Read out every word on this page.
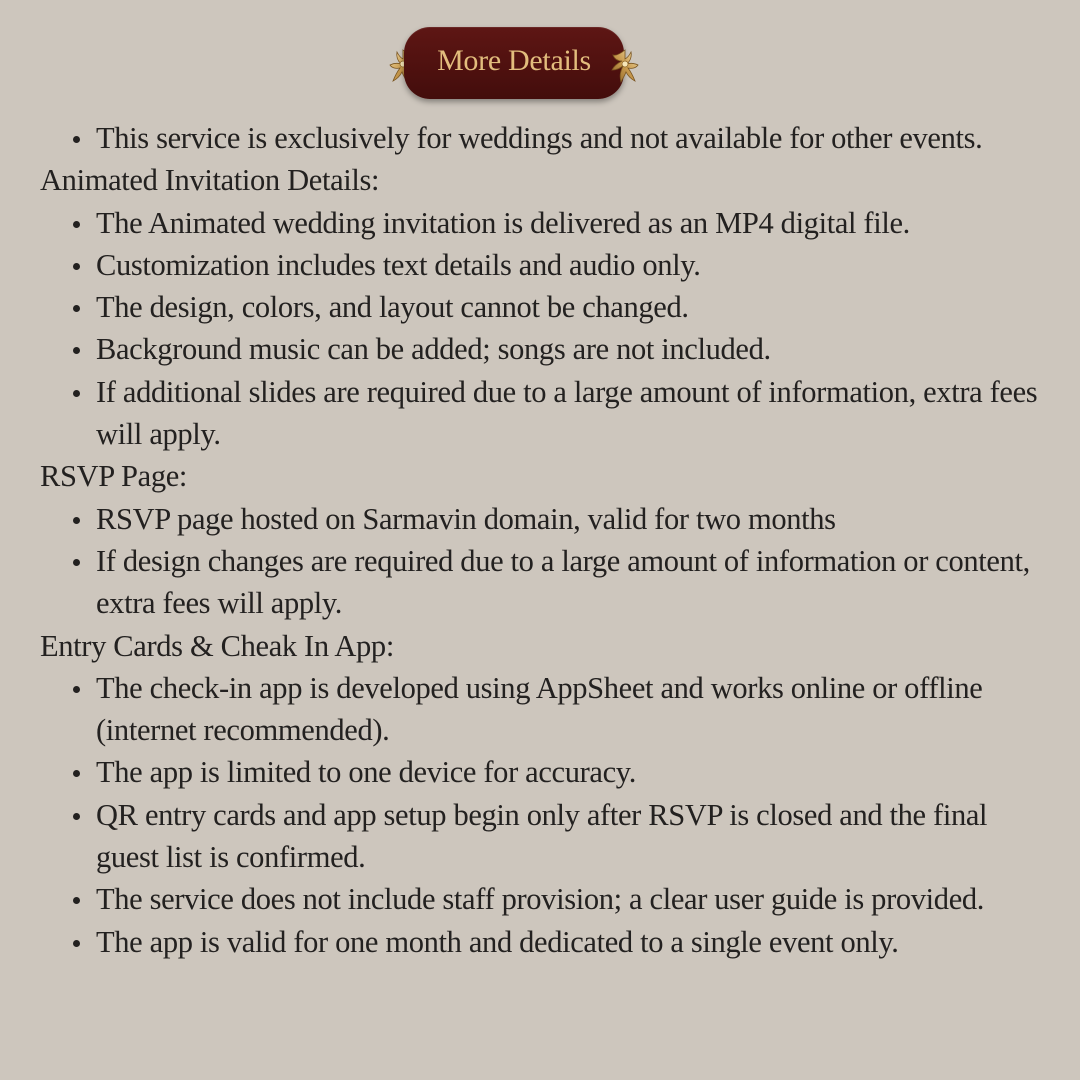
More Details
This service is exclusively for weddings and not available for other events.
Animated Invitation Details:
The Animated wedding invitation is delivered as an MP4 digital file.
Customization includes text details and audio only.
The design, colors, and layout cannot be changed.
Background music can be added; songs are not included.
If additional slides are required due to a large amount of information, extra fees will apply.
RSVP Page:
RSVP page hosted on Sarmavin domain, valid for two months
If design changes are required due to a large amount of information or content, extra fees will apply.
Entry Cards & Cheak In App:
The check-in app is developed using AppSheet and works online or offline (internet recommended).
The app is limited to one device for accuracy.
QR entry cards and app setup begin only after RSVP is closed and the final guest list is confirmed.
The service does not include staff provision; a clear user guide is provided.
The app is valid for one month and dedicated to a single event only.
